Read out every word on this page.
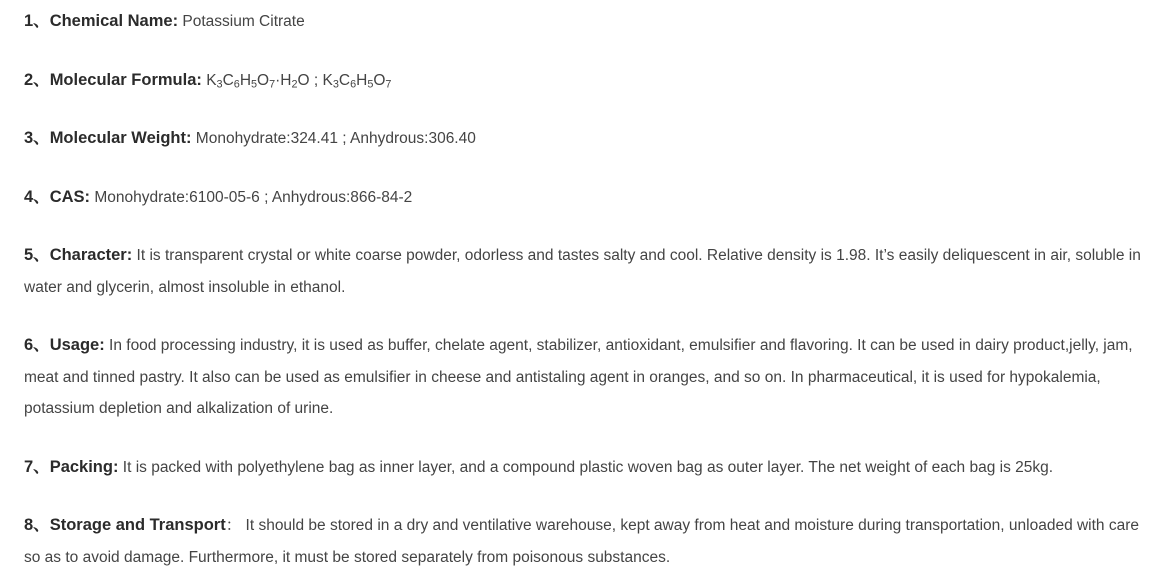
1、Chemical Name: Potassium Citrate

2、Molecular Formula: $K_3C_6H_5O_7\cdot H_2O$ ; $K_3C_6H_5O_7$

3、Molecular Weight: Monohydrate:324.41 ; Anhydrous:306.40

4、CAS: Monohydrate:6100-05-6 ; Anhydrous:866-84-2

5、Character: It is transparent crystal or white coarse powder, odorless and tastes salty and cool. Relative density is 1.98. It’s easily deliquescent in air, soluble in water and glycerin, almost insoluble in ethanol.

6、Usage: In food processing industry, it is used as buffer, chelate agent, stabilizer, antioxidant, emulsifier and flavoring. It can be used in dairy product,jelly, jam, meat and tinned pastry. It also can be used as emulsifier in cheese and antistaling agent in oranges, and so on. In pharmaceutical, it is used for hypokalemia, potassium depletion and alkalization of urine.

7、Packing: It is packed with polyethylene bag as inner layer, and a compound plastic woven bag as outer layer. The net weight of each bag is 25kg.

8、Storage and Transport： It should be stored in a dry and ventilative warehouse, kept away from heat and moisture during transportation, unloaded with care so as to avoid damage. Furthermore, it must be stored separately from poisonous substances.
